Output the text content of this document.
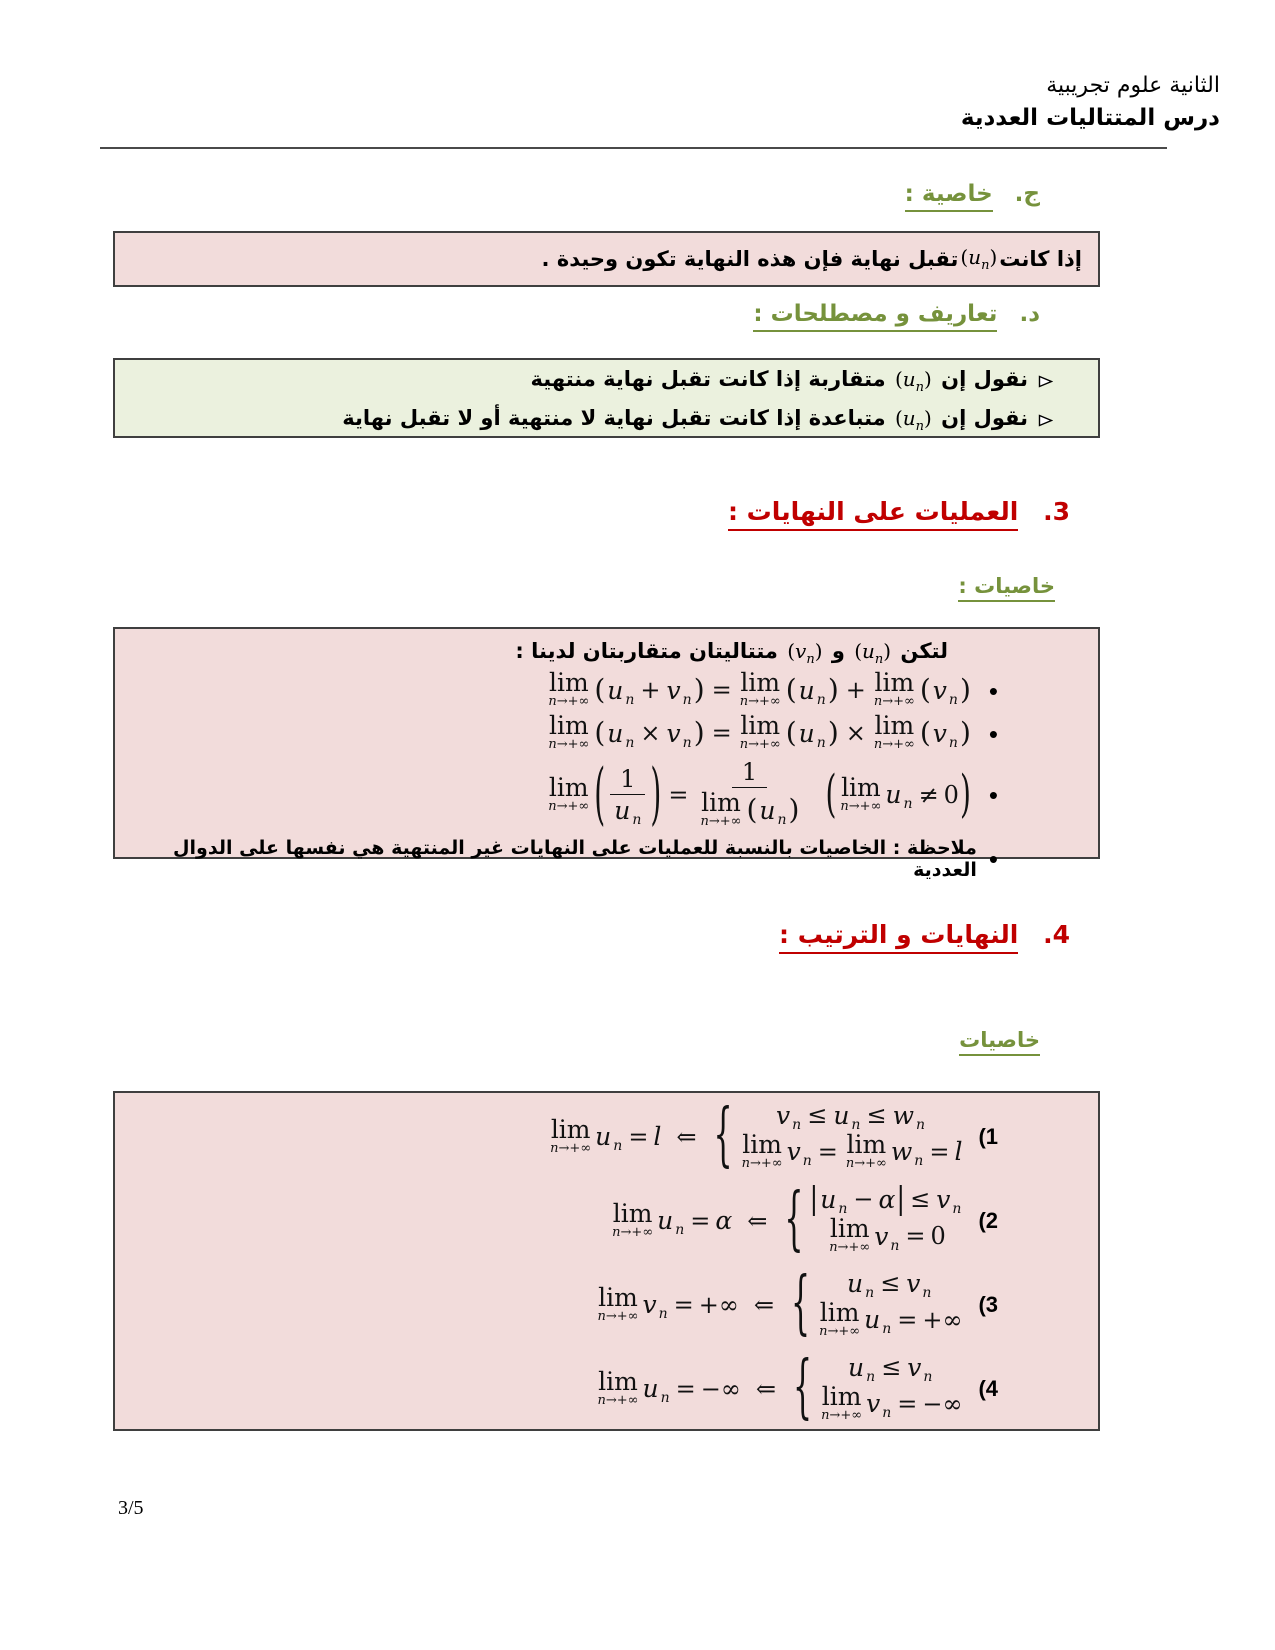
الثانية علوم تجريبية
درس المتتاليات العددية
ج. خاصية :
إذا كانت
$(u_n)$
تقبل نهاية فإن هذه النهاية تكون وحيدة .
د. تعاريف و مصطلحات :
نقول إن $(u_n)$ متقاربة إذا كانت تقبل نهاية منتهية
نقول إن $(u_n)$ متباعدة إذا كانت تقبل نهاية لا منتهية أو لا تقبل نهاية
3. العمليات على النهايات :
خاصيات :
لتكن $(u_n)$ و $(v_n)$ متتاليتان متقاربتان لدينا :
lim
n→+∞ ( u n + v n ) = lim
n→+∞ ( u n ) + lim
n→+∞ ( v n ) •
lim
n→+∞ ( u n × v n ) = lim
n→+∞ ( u n ) × lim
n→+∞ ( v n ) •
lim
n→+∞ ( $\frac{1}{\text{u n}}$ ) = 1
lim
n→+∞ ( u n ) ( lim
n→+∞ u n ≠ 0 ) •
•
ملاحظة : الخاصيات بالنسبة للعمليات على النهايات غير المنتهية هي نفسها على الدوال العددية
4. النهايات و الترتيب :
خاصيات
lim
n→+∞ u n = l ⇐ { v n ≤ u n ≤ w n
lim
n→+∞ v n = lim
n→+∞ w n = l
(1
lim
n→+∞ u n = α ⇐ { | u n − α | ≤ v n
lim
n→+∞ v n = 0
(2
lim
n→+∞ v n = +∞ ⇐ { u n ≤ v n
lim
n→+∞ u n = +∞
(3
lim
n→+∞ u n = −∞ ⇐ { u n ≤ v n
lim
n→+∞ v n = −∞
(4
3/5
